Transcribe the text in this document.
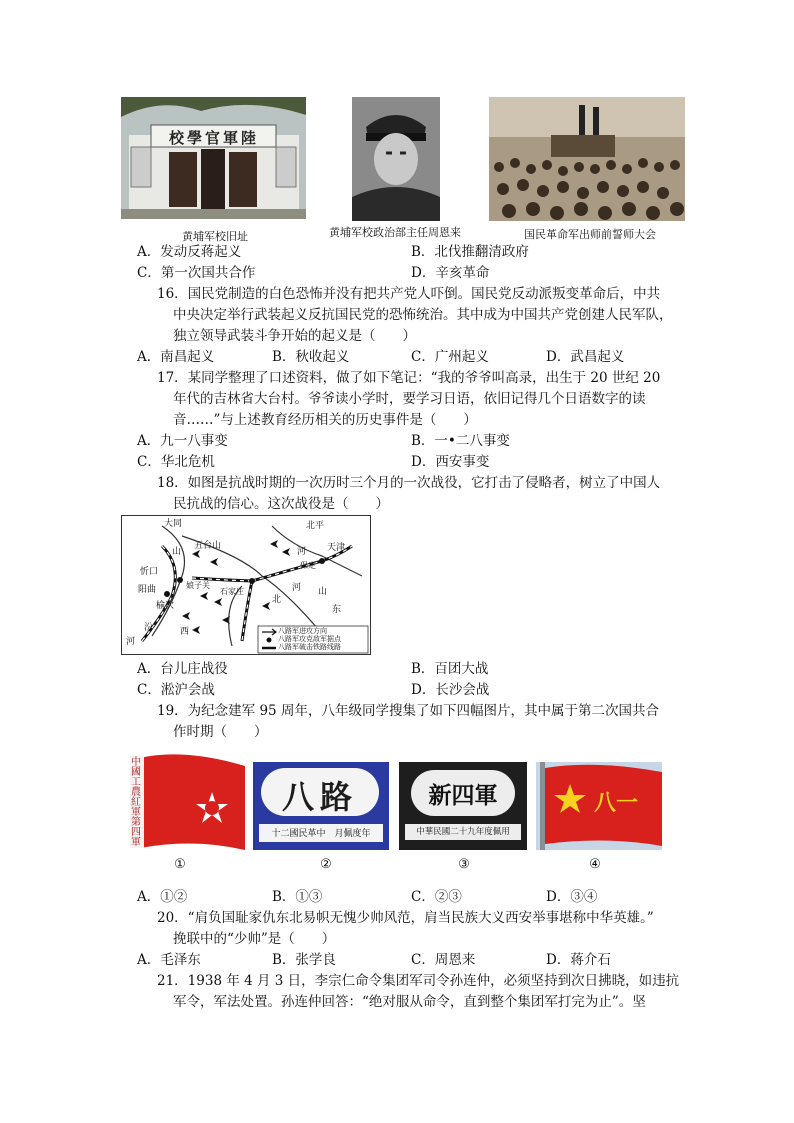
校學官軍陸
黄埔军校旧址	黄埔军校政治部主任周恩来	国民革命军出师前誓师大会
A．发动反蒋起义	B．北伐推翻清政府
C．第一次国共合作	D．辛亥革命
16．国民党制造的白色恐怖并没有把共产党人吓倒。国民党反动派叛变革命后，中共
中央决定举行武装起义反抗国民党的恐怖统治。其中成为中国共产党创建人民军队，
独立领导武装斗争开始的起义是（　　）
A．南昌起义	B．秋收起义	C．广州起义	D．武昌起义
17．某同学整理了口述资料，做了如下笔记：“我的爷爷叫高录，出生于 20 世纪 20
年代的吉林省大台村。爷爷读小学时，要学习日语，依旧记得几个日语数字的读
音……”与上述教育经历相关的历史事件是（　　）
A．九一八事变	B．一•二八事变
C．华北危机	D．西安事变
18．如图是抗战时期的一次历时三个月的一次战役，它打击了侵略者，树立了中国人
民抗战的信心。这次战役是（　　）
大同	北平
天津
五台山
保定
石家庄
娘子关
忻口
阳曲
榆次
山	河
西
北
东
河 山
汾
河
八路军进攻方向
八路军攻克敌军据点
八路军破击铁路线路
A．台儿庄战役	B．百团大战
C．淞沪会战	D．长沙会战
19．为纪念建军 95 周年，八年级同学搜集了如下四幅图片，其中属于第二次国共合
作时期（　　）
中國工農紅軍第四軍
八路
十二國民革中　月佩度年
新四軍
中華民國二十九年度佩用
八一
①	②	③	④
A．①②	B．①③	C．②③	D．③④
20．“肩负国耻家仇东北易帜无愧少帅风范，肩当民族大义西安举事堪称中华英雄。”
挽联中的“少帅”是（　　）
A．毛泽东	B．张学良	C．周恩来	D．蒋介石
21．1938 年 4 月 3 日，李宗仁命令集团军司令孙连仲，必须坚持到次日拂晓，如违抗
军令，军法处置。孙连仲回答：“绝对服从命令，直到整个集团军打完为止”。坚
